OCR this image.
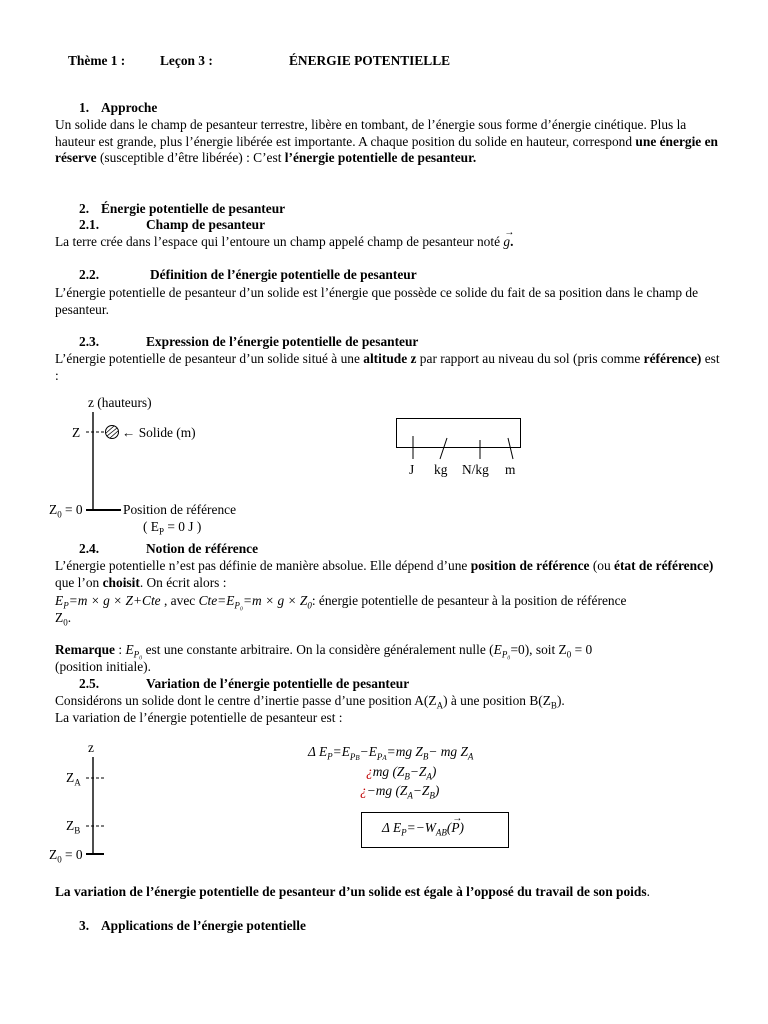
Thème 1 :	Leçon 3 :	ÉNERGIE POTENTIELLE
1. Approche
Un solide dans le champ de pesanteur terrestre, libère en tombant, de l’énergie sous forme d’énergie cinétique. Plus la hauteur est grande, plus l’énergie libérée est importante. A chaque position du solide en hauteur, correspond une énergie en réserve (susceptible d’être libérée) : C’est l’énergie potentielle de pesanteur.
2. Énergie potentielle de pesanteur
2.1.	Champ de pesanteur
La terre crée dans l’espace qui l’entoure un champ appelé champ de pesanteur noté
→
g.
2.2.	Définition de l’énergie potentielle de pesanteur
L’énergie potentielle de pesanteur d’un solide est l’énergie que possède ce solide du fait de sa position dans le champ de pesanteur.
2.3.	Expression de l’énergie potentielle de pesanteur
L’énergie potentielle de pesanteur d’un solide situé à une altitude z par rapport au niveau du sol (pris comme référence) est :
z (hauteurs)
Z	← Solide (m)
$Z_0 = 0$	Position de référence
( $E_P = 0$ J )
J kg N/kg m
2.4.	Notion de référence
L’énergie potentielle n’est pas définie de manière absolue. Elle dépend d’une position de référence (ou état de référence) que l’on choisit. On écrit alors :
$E_P=m \times g \times Z+Cte$ , avec $Cte=E_{P_0}=m \times g \times Z_0$: énergie potentielle de pesanteur à la position de référence
$Z_0$.
Remarque : $E_{P_0}$ est une constante arbitraire. On la considère généralement nulle $(E_{P_0}=0)$, soit $Z_0 = 0$
(position initiale).
2.5.	Variation de l’énergie potentielle de pesanteur
Considérons un solide dont le centre d’inertie passe d’une position $A(Z_A)$ à une position $B(Z_B)$.
La variation de l’énergie potentielle de pesanteur est :
z
$Z_A$
$Z_B$
$Z_0 = 0$
Δ $E_P=E_{PB}-E_{PA}=mg$ $Z_B-$ mg $Z_A$
¿mg $(Z_B-Z_A)$
¿−mg $(Z_A-Z_B)$
Δ $E_P=-W_{AB}$(
→
P)
La variation de l’énergie potentielle de pesanteur d’un solide est égale à l’opposé du travail de son poids.
3. Applications de l’énergie potentielle
